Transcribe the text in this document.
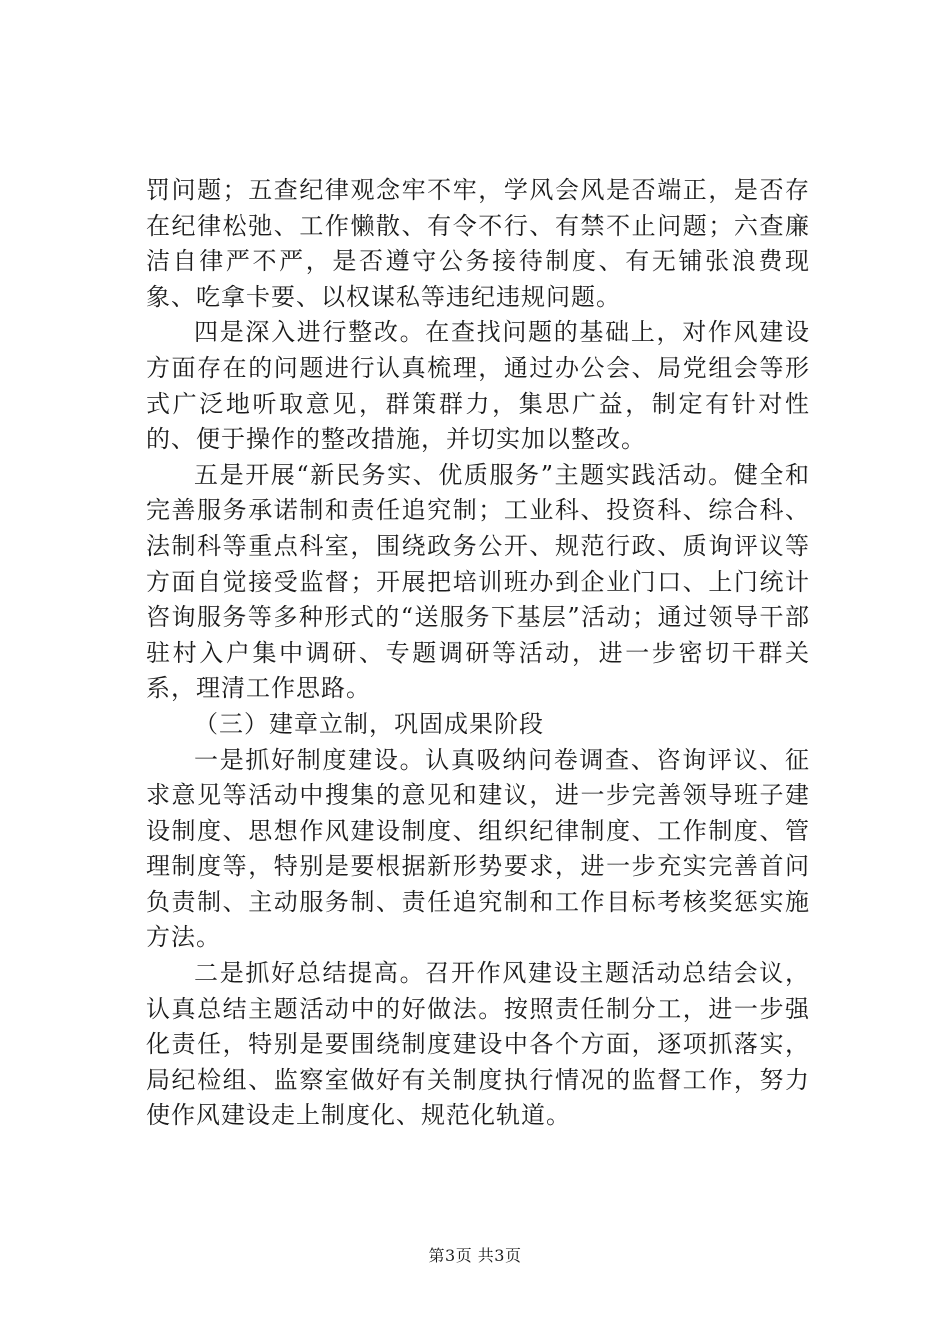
罚问题；五查纪律观念牢不牢，学风会风是否端正，是否存在纪律松弛、工作懒散、有令不行、有禁不止问题；六查廉洁自律严不严，是否遵守公务接待制度、有无铺张浪费现象、吃拿卡要、以权谋私等违纪违规问题。

四是深入进行整改。在查找问题的基础上，对作风建设方面存在的问题进行认真梳理，通过办公会、局党组会等形式广泛地听取意见，群策群力，集思广益，制定有针对性的、便于操作的整改措施，并切实加以整改。

五是开展“新民务实、优质服务”主题实践活动。健全和完善服务承诺制和责任追究制；工业科、投资科、综合科、法制科等重点科室，围绕政务公开、规范行政、质询评议等方面自觉接受监督；开展把培训班办到企业门口、上门统计咨询服务等多种形式的“送服务下基层”活动；通过领导干部驻村入户集中调研、专题调研等活动，进一步密切干群关系，理清工作思路。

（三）建章立制，巩固成果阶段

一是抓好制度建设。认真吸纳问卷调查、咨询评议、征求意见等活动中搜集的意见和建议，进一步完善领导班子建设制度、思想作风建设制度、组织纪律制度、工作制度、管理制度等，特别是要根据新形势要求，进一步充实完善首问负责制、主动服务制、责任追究制和工作目标考核奖惩实施方法。

二是抓好总结提高。召开作风建设主题活动总结会议，认真总结主题活动中的好做法。按照责任制分工，进一步强化责任，特别是要围绕制度建设中各个方面，逐项抓落实，局纪检组、监察室做好有关制度执行情况的监督工作，努力使作风建设走上制度化、规范化轨道。

第3页 共3页
